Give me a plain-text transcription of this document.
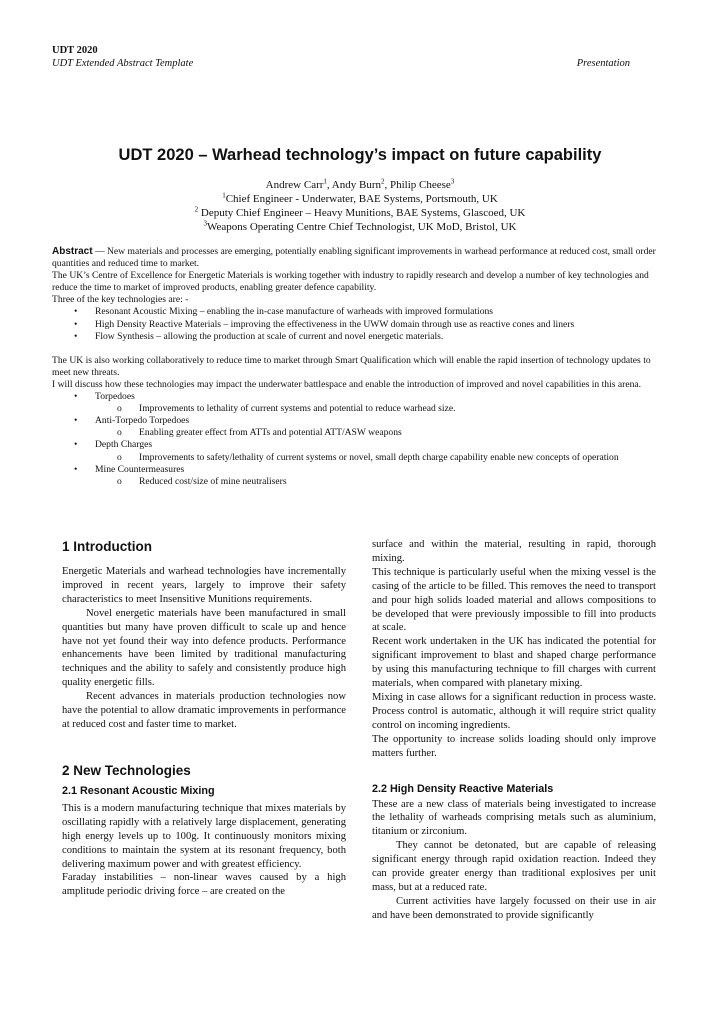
UDT 2020
UDT Extended Abstract Template	Presentation
UDT 2020 – Warhead technology’s impact on future capability
Andrew Carr$^1$, Andy Burn$^2$, Philip Cheese$^3$
$^1$Chief Engineer - Underwater, BAE Systems, Portsmouth, UK
$^2$ Deputy Chief Engineer – Heavy Munitions, BAE Systems, Glascoed, UK
$^3$Weapons Operating Centre Chief Technologist, UK MoD, Bristol, UK

Abstract — New materials and processes are emerging, potentially enabling significant improvements in warhead performance at reduced cost, small order quantities and reduced time to market.

The UK’s Centre of Excellence for Energetic Materials is working together with industry to rapidly research and develop a number of key technologies and reduce the time to market of improved products, enabling greater defence capability.

Three of the key technologies are: -

• Resonant Acoustic Mixing – enabling the in-case manufacture of warheads with improved formulations
• High Density Reactive Materials – improving the effectiveness in the UWW domain through use as reactive cones and liners
• Flow Synthesis – allowing the production at scale of current and novel energetic materials.

The UK is also working collaboratively to reduce time to market through Smart Qualification which will enable the rapid insertion of technology updates to meet new threats.

I will discuss how these technologies may impact the underwater battlespace and enable the introduction of improved and novel capabilities in this arena.

• Torpedoes
o Improvements to lethality of current systems and potential to reduce warhead size.
• Anti-Torpedo Torpedoes
o Enabling greater effect from ATTs and potential ATT/ASW weapons
• Depth Charges
o Improvements to safety/lethality of current systems or novel, small depth charge capability enable new concepts of operation
• Mine Countermeasures
o Reduced cost/size of mine neutralisers
1 Introduction

Energetic Materials and warhead technologies have incrementally improved in recent years, largely to improve their safety characteristics to meet Insensitive Munitions requirements.

Novel energetic materials have been manufactured in small quantities but many have proven difficult to scale up and hence have not yet found their way into defence products. Performance enhancements have been limited by traditional manufacturing techniques and the ability to safely and consistently produce high quality energetic fills.

Recent advances in materials production technologies now have the potential to allow dramatic improvements in performance at reduced cost and faster time to market.

2 New Technologies
2.1 Resonant Acoustic Mixing

This is a modern manufacturing technique that mixes materials by oscillating rapidly with a relatively large displacement, generating high energy levels up to 100g. It continuously monitors mixing conditions to maintain the system at its resonant frequency, both delivering maximum power and with greatest efficiency.

Faraday instabilities – non-linear waves caused by a high amplitude periodic driving force – are created on the

surface and within the material, resulting in rapid, thorough mixing.

This technique is particularly useful when the mixing vessel is the casing of the article to be filled. This removes the need to transport and pour high solids loaded material and allows compositions to be developed that were previously impossible to fill into products at scale.

Recent work undertaken in the UK has indicated the potential for significant improvement to blast and shaped charge performance by using this manufacturing technique to fill charges with current materials, when compared with planetary mixing.

Mixing in case allows for a significant reduction in process waste. Process control is automatic, although it will require strict quality control on incoming ingredients.

The opportunity to increase solids loading should only improve matters further.

2.2 High Density Reactive Materials

These are a new class of materials being investigated to increase the lethality of warheads comprising metals such as aluminium, titanium or zirconium.

They cannot be detonated, but are capable of releasing significant energy through rapid oxidation reaction. Indeed they can provide greater energy than traditional explosives per unit mass, but at a reduced rate.

Current activities have largely focussed on their use in air and have been demonstrated to provide significantly
